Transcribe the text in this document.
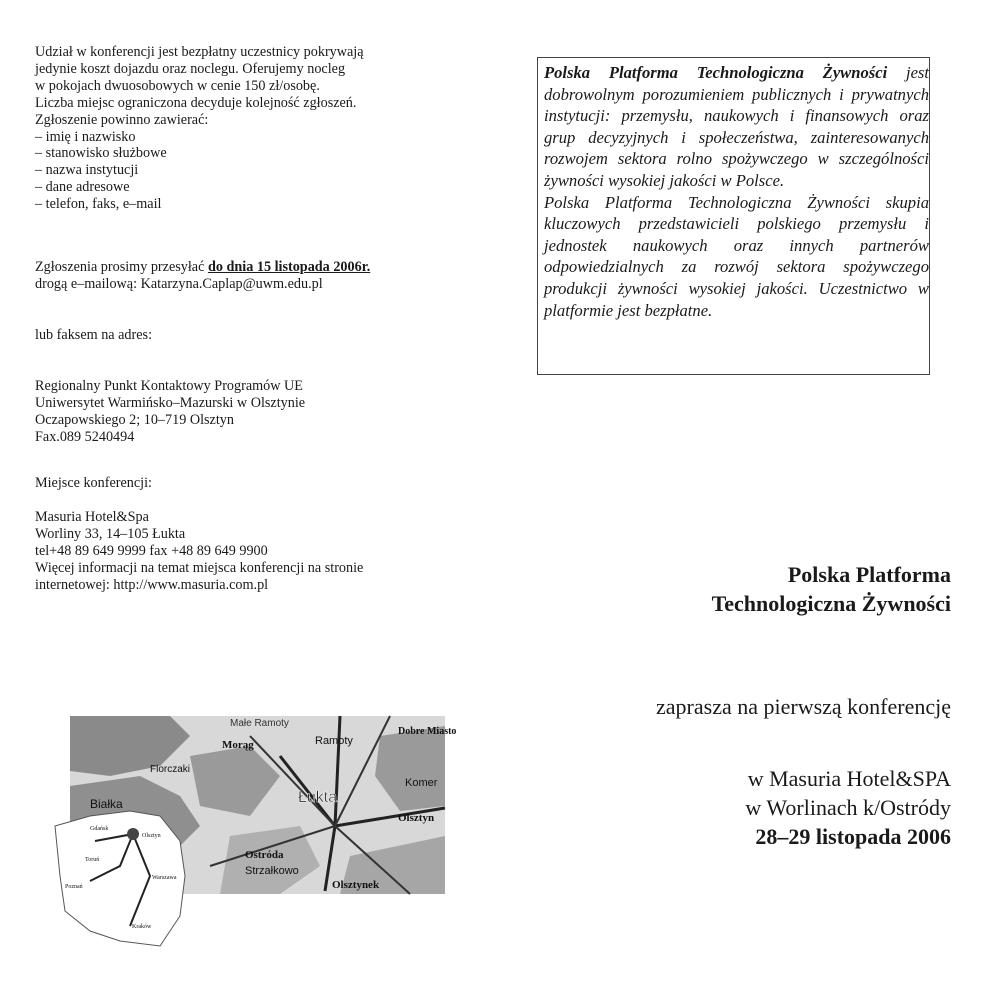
Udział w konferencji jest bezpłatny uczestnicy pokrywają

jedynie koszt dojazdu oraz noclegu. Oferujemy nocleg

w pokojach dwuosobowych w cenie 150 zł/osobę.

Liczba miejsc ograniczona decyduje kolejność zgłoszeń.

Zgłoszenie powinno zawierać:

– imię i nazwisko

– stanowisko służbowe

– nazwa instytucji

– dane adresowe

– telefon, faks, e–mail

Zgłoszenia prosimy przesyłać do dnia 15 listopada 2006r.

drogą e–mailową: Katarzyna.Caplap@uwm.edu.pl

lub faksem na adres:

Regionalny Punkt Kontaktowy Programów UE

Uniwersytet Warmińsko–Mazurski w Olsztynie

Oczapowskiego 2; 10–719 Olsztyn

Fax.089 5240494

Miejsce konferencji:

Masuria Hotel&Spa

Worliny 33, 14–105 Łukta

tel+48 89 649 9999 fax +48 89 649 9900

Więcej informacji na temat miejsca konferencji na stronie

internetowej: http://www.masuria.com.pl

Polska Platforma Technologiczna Żywności jest dobrowolnym porozumieniem publicznych i prywatnych instytucji: przemysłu, naukowych i finansowych oraz grup decyzyjnych i społeczeństwa, zainteresowanych rozwojem sektora rolno spożywczego w szczególności żywności wysokiej jakości w Polsce.

Polska Platforma Technologiczna Żywności skupia kluczowych przedstawicieli polskiego przemysłu i jednostek naukowych oraz innych partnerów odpowiedzialnych za rozwój sektora spożywczego produkcji żywności wysokiej jakości. Uczestnictwo w platformie jest bezpłatne.

Polska Platforma
Technologiczna Żywności
zaprasza na pierwszą konferencję
w Masuria Hotel&SPA
w Worlinach k/Ostródy
28–29 listopada 2006
Małe Ramoty
Morąg	Ramoty
Dobre Miasto
Komer
Florczaki
Białka	Łukta
Olsztyn
Ostróda
Strzałkowo
Olsztynek
Gdańsk
Olsztyn
Toruń
Poznań
Warszawa
Kraków
